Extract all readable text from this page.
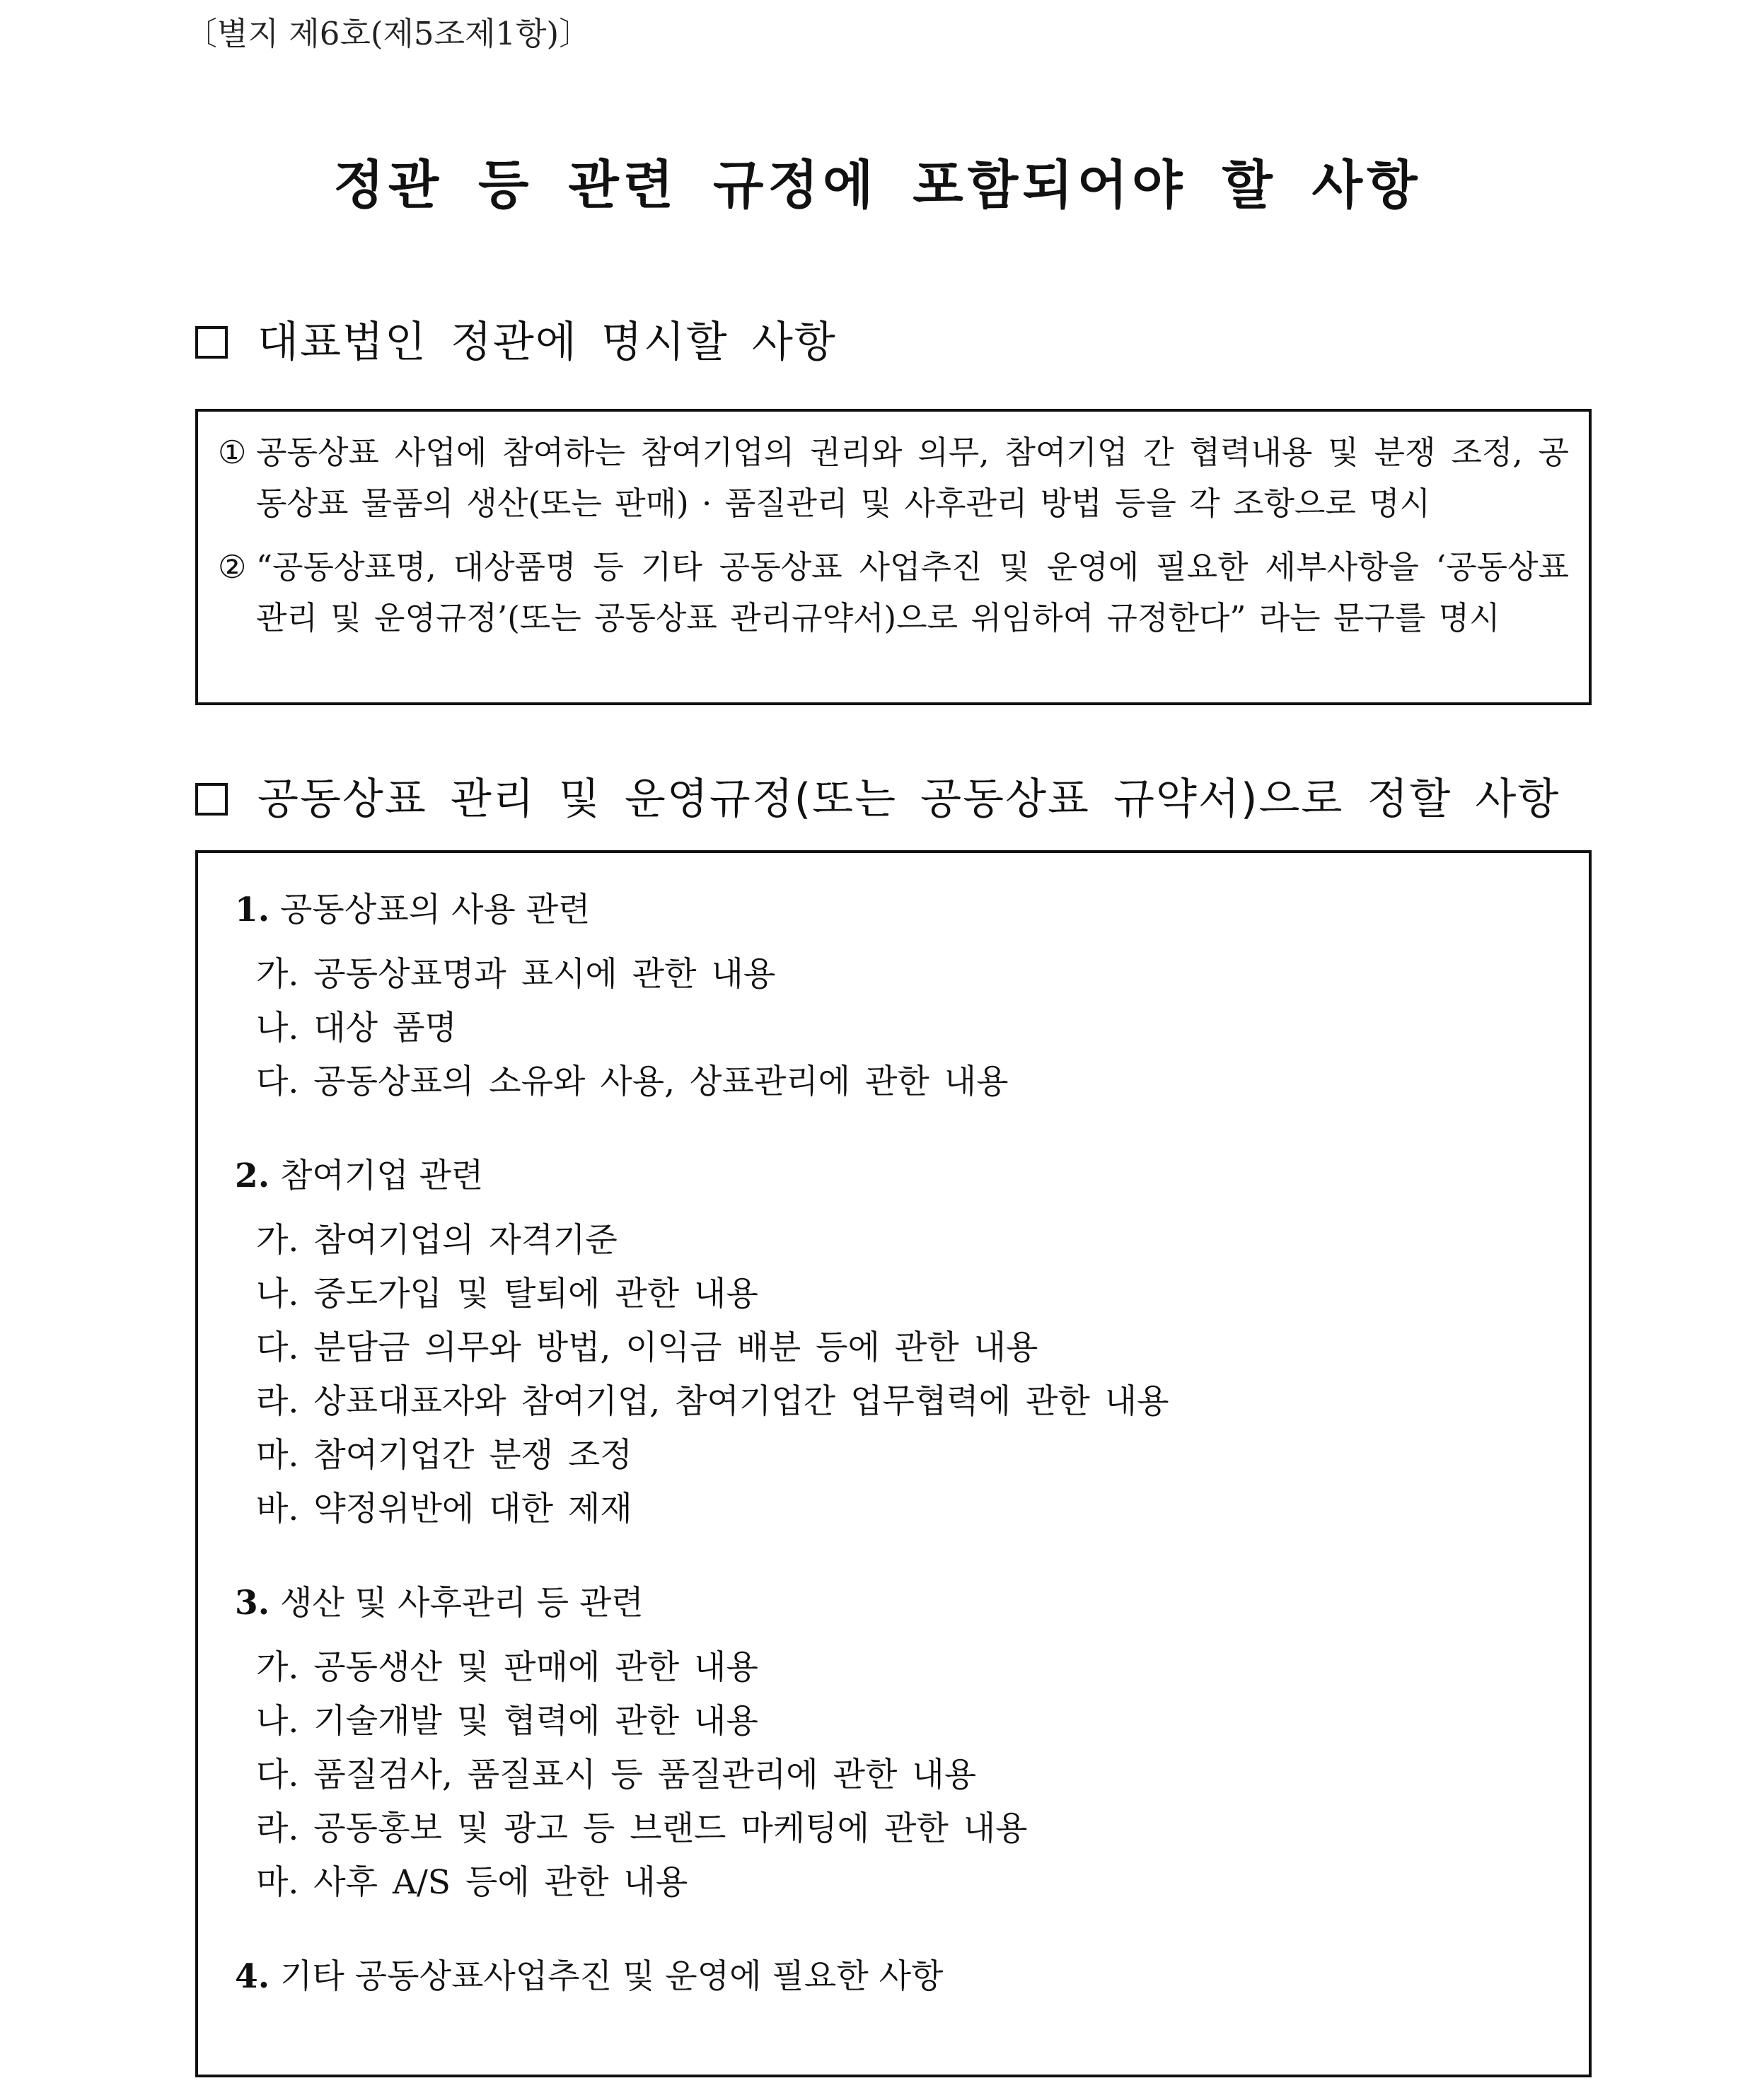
〔별지 제6호(제5조제1항)〕
정관 등 관련 규정에 포함되어야 할 사항
대표법인 정관에 명시할 사항
① 공동상표 사업에 참여하는 참여기업의 권리와 의무, 참여기업 간 협력내용 및 분쟁 조정, 공동상표 물품의 생산(또는 판매) · 품질관리 및 사후관리 방법 등을 각 조항으로 명시
② “공동상표명, 대상품명 등 기타 공동상표 사업추진 및 운영에 필요한 세부사항을 ‘공동상표 관리 및 운영규정’(또는 공동상표 관리규약서)으로 위임하여 규정한다” 라는 문구를 명시
공동상표 관리 및 운영규정(또는 공동상표 규약서)으로 정할 사항
1. 공동상표의 사용 관련
가. 공동상표명과 표시에 관한 내용
나. 대상 품명
다. 공동상표의 소유와 사용, 상표관리에 관한 내용
2. 참여기업 관련
가. 참여기업의 자격기준
나. 중도가입 및 탈퇴에 관한 내용
다. 분담금 의무와 방법, 이익금 배분 등에 관한 내용
라. 상표대표자와 참여기업, 참여기업간 업무협력에 관한 내용
마. 참여기업간 분쟁 조정
바. 약정위반에 대한 제재
3. 생산 및 사후관리 등 관련
가. 공동생산 및 판매에 관한 내용
나. 기술개발 및 협력에 관한 내용
다. 품질검사, 품질표시 등 품질관리에 관한 내용
라. 공동홍보 및 광고 등 브랜드 마케팅에 관한 내용
마. 사후 A/S 등에 관한 내용
4. 기타 공동상표사업추진 및 운영에 필요한 사항
